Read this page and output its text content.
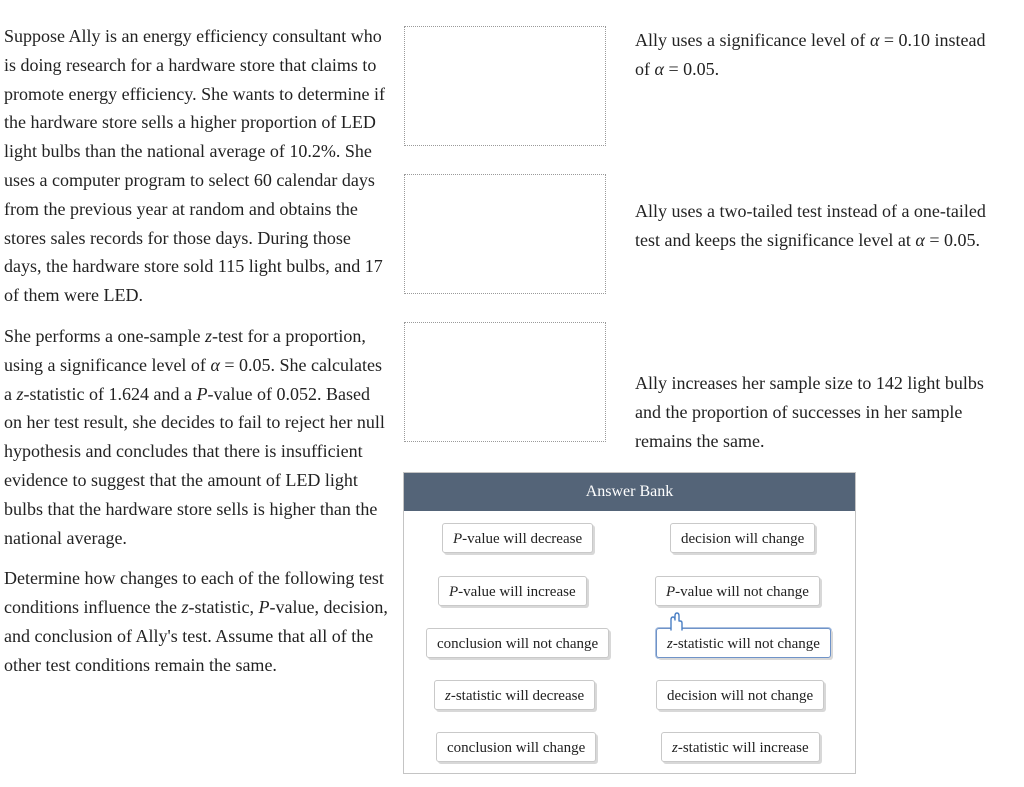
Suppose Ally is an energy efficiency consultant who is doing research for a hardware store that claims to promote energy efficiency. She wants to determine if the hardware store sells a higher proportion of LED light bulbs than the national average of 10.2%. She uses a computer program to select 60 calendar days from the previous year at random and obtains the stores sales records for those days. During those days, the hardware store sold 115 light bulbs, and 17 of them were LED.

She performs a one-sample z-test for a proportion, using a significance level of α = 0.05. She calculates a z-statistic of 1.624 and a P-value of 0.052. Based on her test result, she decides to fail to reject her null hypothesis and concludes that there is insufficient evidence to suggest that the amount of LED light bulbs that the hardware store sells is higher than the national average.

Determine how changes to each of the following test conditions influence the z-statistic, P-value, decision, and conclusion of Ally's test. Assume that all of the other test conditions remain the same.

Ally uses a significance level of α = 0.10 instead of α = 0.05.
Ally uses a two-tailed test instead of a one-tailed test and keeps the significance level at α = 0.05.
Ally increases her sample size to 142 light bulbs and the proportion of successes in her sample remains the same.
Answer Bank
P-value will decrease	decision will change
P-value will increase	P-value will not change
conclusion will not change	z-statistic will not change
z-statistic will decrease	decision will not change
conclusion will change	z-statistic will increase
